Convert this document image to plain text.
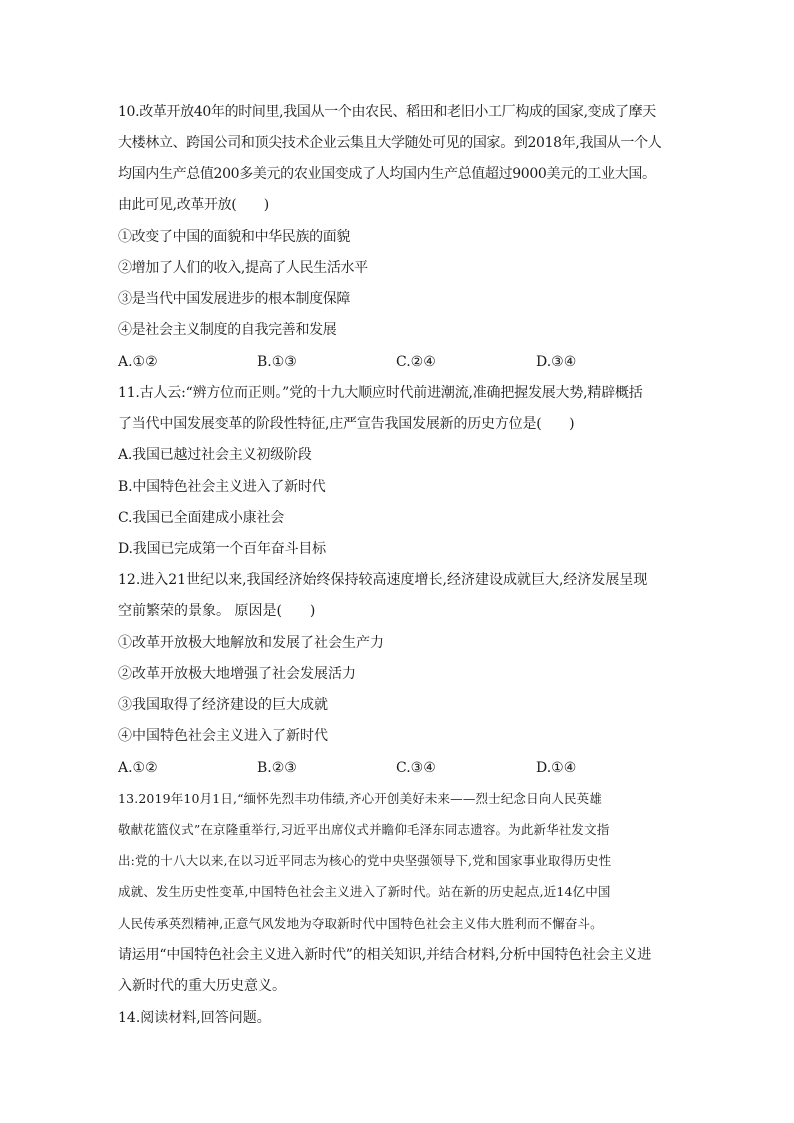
10.改革开放40年的时间里,我国从一个由农民、稻田和老旧小工厂构成的国家,变成了摩天
大楼林立、跨国公司和顶尖技术企业云集且大学随处可见的国家。到2018年,我国从一个人
均国内生产总值200多美元的农业国变成了人均国内生产总值超过9000美元的工业大国。
由此可见,改革开放(　　)
①改变了中国的面貌和中华民族的面貌
②增加了人们的收入,提高了人民生活水平
③是当代中国发展进步的根本制度保障
④是社会主义制度的自我完善和发展
A.①②	B.①③	C.②④	D.③④
11.古人云:“辨方位而正则。”党的十九大顺应时代前进潮流,准确把握发展大势,精辟概括
了当代中国发展变革的阶段性特征,庄严宣告我国发展新的历史方位是(　　)
A.我国已越过社会主义初级阶段
B.中国特色社会主义进入了新时代
C.我国已全面建成小康社会
D.我国已完成第一个百年奋斗目标
12.进入21世纪以来,我国经济始终保持较高速度增长,经济建设成就巨大,经济发展呈现
空前繁荣的景象。 原因是(　　)
①改革开放极大地解放和发展了社会生产力
②改革开放极大地增强了社会发展活力
③我国取得了经济建设的巨大成就
④中国特色社会主义进入了新时代
A.①②	B.②③	C.③④	D.①④
13.2019年10月1日,“缅怀先烈丰功伟绩,齐心开创美好未来——烈士纪念日向人民英雄
敬献花篮仪式”在京隆重举行,习近平出席仪式并瞻仰毛泽东同志遗容。为此新华社发文指
出:党的十八大以来,在以习近平同志为核心的党中央坚强领导下,党和国家事业取得历史性
成就、发生历史性变革,中国特色社会主义进入了新时代。站在新的历史起点,近14亿中国
人民传承英烈精神,正意气风发地为夺取新时代中国特色社会主义伟大胜利而不懈奋斗。
请运用“中国特色社会主义进入新时代”的相关知识,并结合材料,分析中国特色社会主义进
入新时代的重大历史意义。
14.阅读材料,回答问题。
